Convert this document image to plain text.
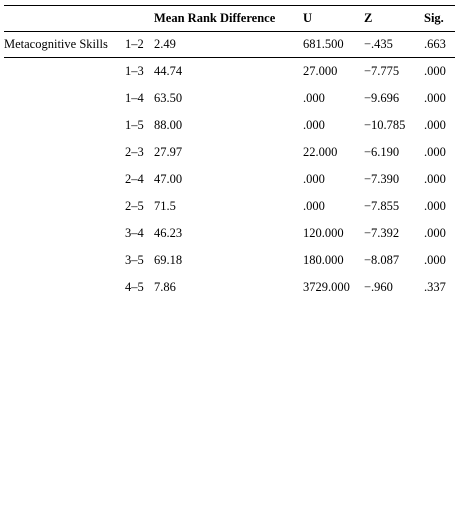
		Mean Rank Difference	U	Z	Sig.
Metacognitive Skills	1–2	2.49	681.500	−.435	.663
	1–3	44.74	27.000	−7.775	.000
	1–4	63.50	.000	−9.696	.000
	1–5	88.00	.000	−10.785	.000
	2–3	27.97	22.000	−6.190	.000
	2–4	47.00	.000	−7.390	.000
	2–5	71.5	.000	−7.855	.000
	3–4	46.23	120.000	−7.392	.000
	3–5	69.18	180.000	−8.087	.000
	4–5	7.86	3729.000	−.960	.337
